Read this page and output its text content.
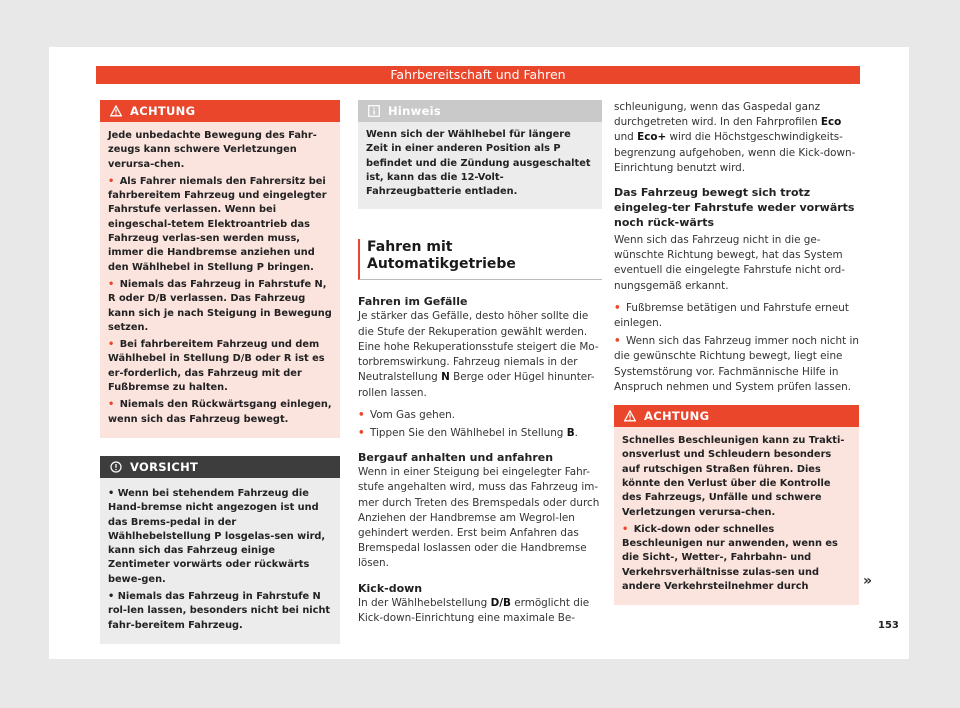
Fahrbereitschaft und Fahren
ACHTUNG

Jede unbedachte Bewegung des Fahr-zeugs kann schwere Verletzungen verursa-chen.

• Als Fahrer niemals den Fahrersitz bei fahrbereitem Fahrzeug und eingelegter Fahrstufe verlassen. Wenn bei eingeschal-tetem Elektroantrieb das Fahrzeug verlas-sen werden muss, immer die Handbremse anziehen und den Wählhebel in Stellung P bringen.

• Niemals das Fahrzeug in Fahrstufe N, R oder D/B verlassen. Das Fahrzeug kann sich je nach Steigung in Bewegung setzen.

• Bei fahrbereitem Fahrzeug und dem Wählhebel in Stellung D/B oder R ist es er-forderlich, das Fahrzeug mit der Fußbremse zu halten.

• Niemals den Rückwärtsgang einlegen, wenn sich das Fahrzeug bewegt.

VORSICHT

• Wenn bei stehendem Fahrzeug die Hand-bremse nicht angezogen ist und das Brems-pedal in der Wählhebelstellung P losgelas-sen wird, kann sich das Fahrzeug einige Zentimeter vorwärts oder rückwärts bewe-gen.

• Niemals das Fahrzeug in Fahrstufe N rol-len lassen, besonders nicht bei nicht fahr-bereitem Fahrzeug.

Hinweis
Wenn sich der Wählhebel für längere Zeit in einer anderen Position als P befindet und die Zündung ausgeschaltet ist, kann das die 12-Volt-Fahrzeugbatterie entladen.
Fahren mit Automatikgetriebe
Fahren im Gefälle

Je stärker das Gefälle, desto höher sollte die die Stufe der Rekuperation gewählt werden. Eine hohe Rekuperationsstufe steigert die Mo-torbremswirkung. Fahrzeug niemals in der Neutralstellung N Berge oder Hügel hinunter-rollen lassen.

• Vom Gas gehen.

• Tippen Sie den Wählhebel in Stellung B.

Bergauf anhalten und anfahren

Wenn in einer Steigung bei eingelegter Fahr-stufe angehalten wird, muss das Fahrzeug im-mer durch Treten des Bremspedals oder durch Anziehen der Handbremse am Wegrol-len gehindert werden. Erst beim Anfahren das Bremspedal loslassen oder die Handbremse lösen.

Kick-down

In der Wählhebelstellung D/B ermöglicht die Kick-down-Einrichtung eine maximale Be-

schleunigung, wenn das Gaspedal ganz durchgetreten wird. In den Fahrprofilen Eco und Eco+ wird die Höchstgeschwindigkeits-begrenzung aufgehoben, wenn die Kick-down-Einrichtung benutzt wird.

Das Fahrzeug bewegt sich trotz eingeleg-ter Fahrstufe weder vorwärts noch rück-wärts

Wenn sich das Fahrzeug nicht in die ge-wünschte Richtung bewegt, hat das System eventuell die eingelegte Fahrstufe nicht ord-nungsgemäß erkannt.

• Fußbremse betätigen und Fahrstufe erneut einlegen.

• Wenn sich das Fahrzeug immer noch nicht in die gewünschte Richtung bewegt, liegt eine Systemstörung vor. Fachmännische Hilfe in Anspruch nehmen und System prüfen lassen.

ACHTUNG

Schnelles Beschleunigen kann zu Trakti-onsverlust und Schleudern besonders auf rutschigen Straßen führen. Dies könnte den Verlust über die Kontrolle des Fahrzeugs, Unfälle und schwere Verletzungen verursa-chen.

• Kick-down oder schnelles Beschleunigen nur anwenden, wenn es die Sicht-, Wetter-, Fahrbahn- und Verkehrsverhältnisse zulas-sen und andere Verkehrsteilnehmer durch	»
153
